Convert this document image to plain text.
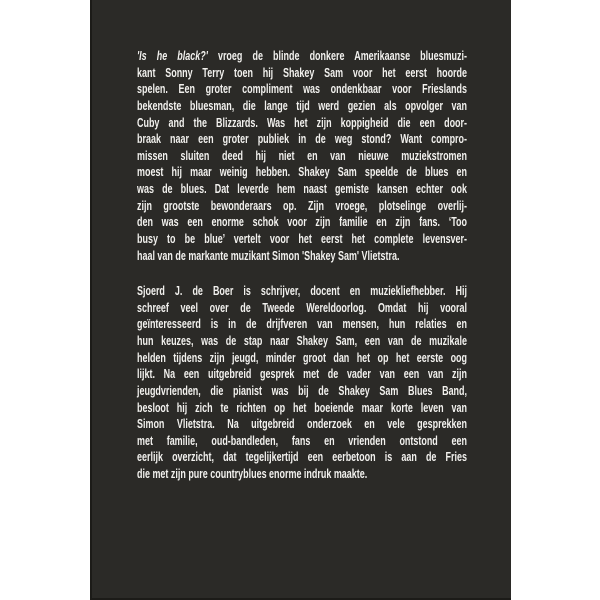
'Is he black?' vroeg de blinde donkere Amerikaanse bluesmuzi-
kant Sonny Terry toen hij Shakey Sam voor het eerst hoorde
spelen. Een groter compliment was ondenkbaar voor Frieslands
bekendste bluesman, die lange tijd werd gezien als opvolger van
Cuby and the Blizzards. Was het zijn koppigheid die een door-
braak naar een groter publiek in de weg stond? Want compro-
missen sluiten deed hij niet en van nieuwe muziekstromen
moest hij maar weinig hebben. Shakey Sam speelde de blues en
was de blues. Dat leverde hem naast gemiste kansen echter ook
zijn grootste bewonderaars op. Zijn vroege, plotselinge overlij-
den was een enorme schok voor zijn familie en zijn fans. ‘Too
busy to be blue’ vertelt voor het eerst het complete levensver-
haal van de markante muzikant Simon 'Shakey Sam' Vlietstra.
Sjoerd J. de Boer is schrijver, docent en muziekliefhebber. Hij
schreef veel over de Tweede Wereldoorlog. Omdat hij vooral
geïnteresseerd is in de drijfveren van mensen, hun relaties en
hun keuzes, was de stap naar Shakey Sam, een van de muzikale
helden tijdens zijn jeugd, minder groot dan het op het eerste oog
lijkt. Na een uitgebreid gesprek met de vader van een van zijn
jeugdvrienden, die pianist was bij de Shakey Sam Blues Band,
besloot hij zich te richten op het boeiende maar korte leven van
Simon Vlietstra. Na uitgebreid onderzoek en vele gesprekken
met familie, oud-bandleden, fans en vrienden ontstond een
eerlijk overzicht, dat tegelijkertijd een eerbetoon is aan de Fries
die met zijn pure countryblues enorme indruk maakte.
